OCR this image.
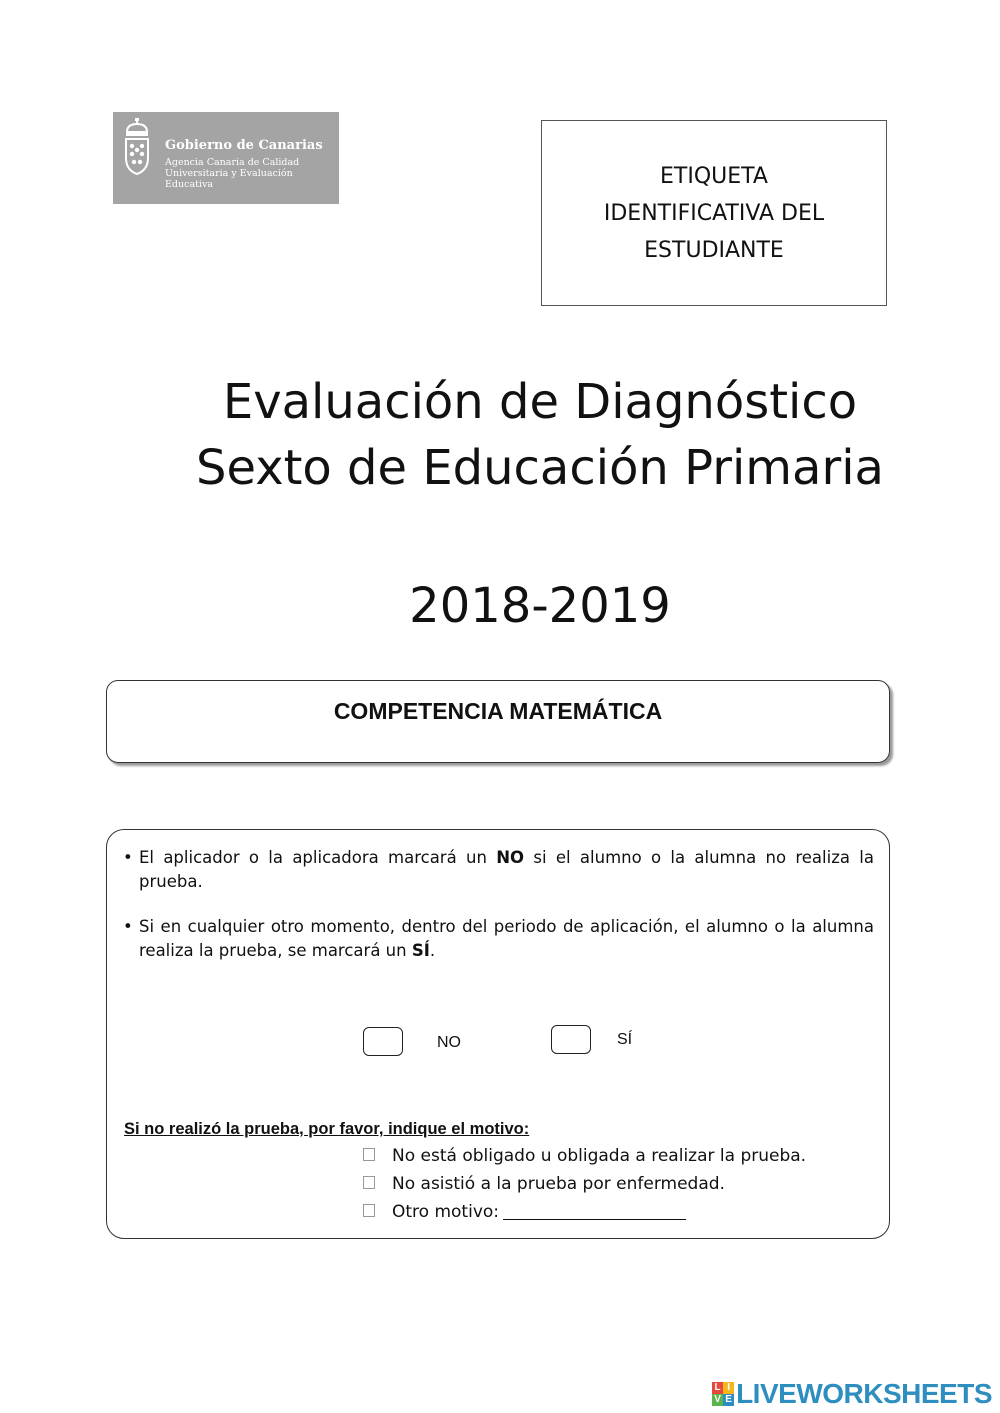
Gobierno de Canarias
Agencia Canaria de Calidad
Universitaria y Evaluación
Educativa	ETIQUETA
IDENTIFICATIVA DEL
ESTUDIANTE
Evaluación de Diagnóstico
Sexto de Educación Primaria
2018-2019
COMPETENCIA MATEMÁTICA
• El aplicador o la aplicadora marcará un NO si el alumno o la alumna no realiza la prueba.
• Si en cualquier otro momento, dentro del periodo de aplicación, el alumno o la alumna realiza la prueba, se marcará un SÍ.
NO	SÍ
Si no realizó la prueba, por favor, indique el motivo:
No está obligado u obligada a realizar la prueba.
No asistió a la prueba por enfermedad.
Otro motivo:
L I
V E LIVEWORKSHEETS
